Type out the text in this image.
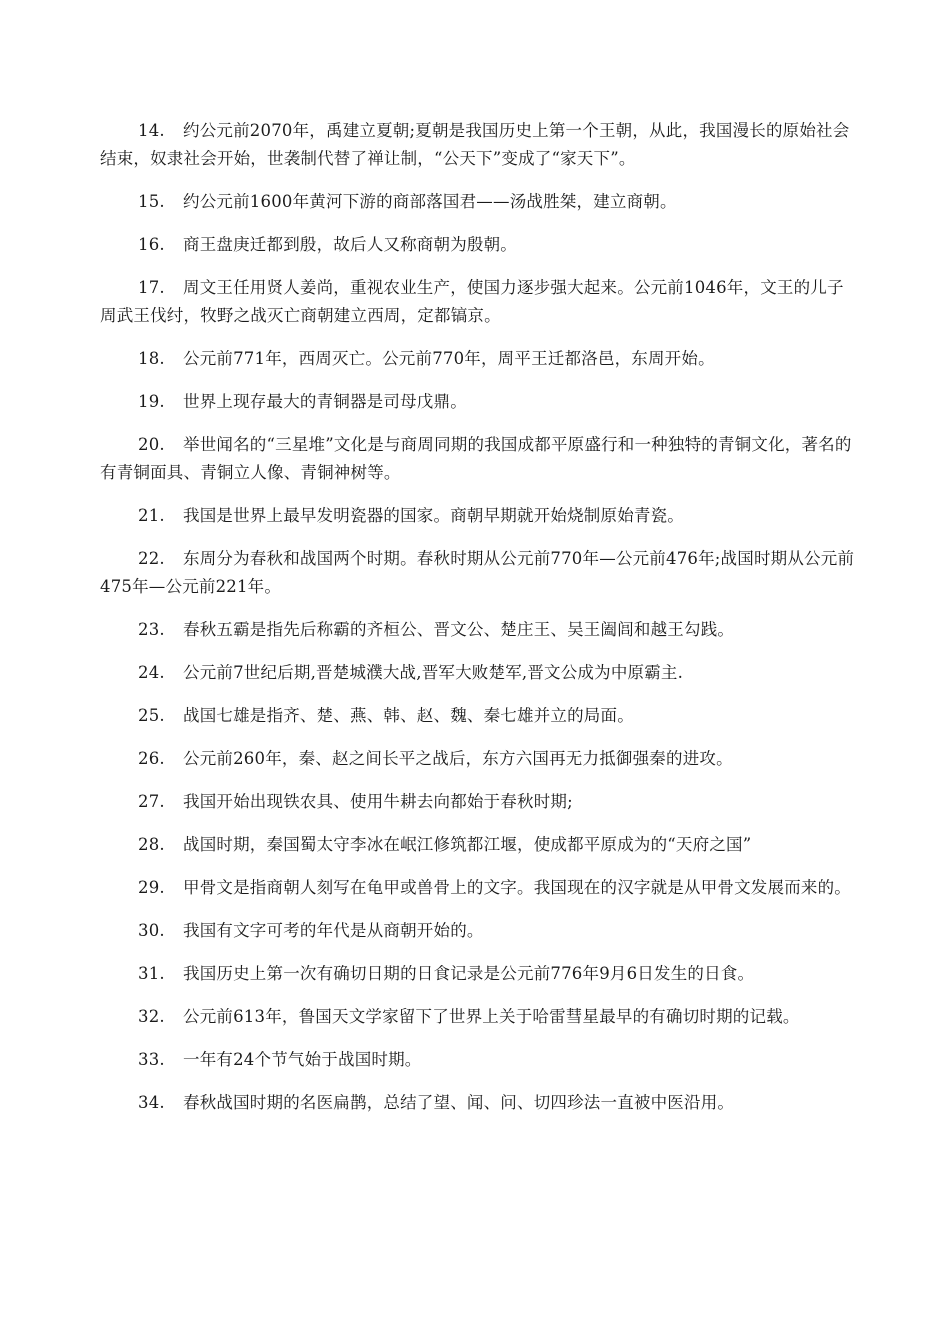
14. 约公元前2070年，禹建立夏朝;夏朝是我国历史上第一个王朝，从此，我国漫长的原始社会结束，奴隶社会开始，世袭制代替了禅让制，“公天下”变成了“家天下”。

15. 约公元前1600年黄河下游的商部落国君——汤战胜桀，建立商朝。

16. 商王盘庚迁都到殷，故后人又称商朝为殷朝。

17. 周文王任用贤人姜尚，重视农业生产，使国力逐步强大起来。公元前1046年，文王的儿子周武王伐纣，牧野之战灭亡商朝建立西周，定都镐京。

18. 公元前771年，西周灭亡。公元前770年，周平王迁都洛邑，东周开始。

19. 世界上现存最大的青铜器是司母戊鼎。

20. 举世闻名的“三星堆”文化是与商周同期的我国成都平原盛行和一种独特的青铜文化，著名的有青铜面具、青铜立人像、青铜神树等。

21. 我国是世界上最早发明瓷器的国家。商朝早期就开始烧制原始青瓷。

22. 东周分为春秋和战国两个时期。春秋时期从公元前770年—公元前476年;战国时期从公元前475年—公元前221年。

23. 春秋五霸是指先后称霸的齐桓公、晋文公、楚庄王、吴王阖闾和越王勾践。

24. 公元前7世纪后期,晋楚城濮大战,晋军大败楚军,晋文公成为中原霸主.

25. 战国七雄是指齐、楚、燕、韩、赵、魏、秦七雄并立的局面。

26. 公元前260年，秦、赵之间长平之战后，东方六国再无力抵御强秦的进攻。

27. 我国开始出现铁农具、使用牛耕去向都始于春秋时期;

28. 战国时期，秦国蜀太守李冰在岷江修筑都江堰，使成都平原成为的“天府之国”

29. 甲骨文是指商朝人刻写在龟甲或兽骨上的文字。我国现在的汉字就是从甲骨文发展而来的。

30. 我国有文字可考的年代是从商朝开始的。

31. 我国历史上第一次有确切日期的日食记录是公元前776年9月6日发生的日食。

32. 公元前613年，鲁国天文学家留下了世界上关于哈雷彗星最早的有确切时期的记载。

33. 一年有24个节气始于战国时期。

34. 春秋战国时期的名医扁鹊，总结了望、闻、问、切四珍法一直被中医沿用。
